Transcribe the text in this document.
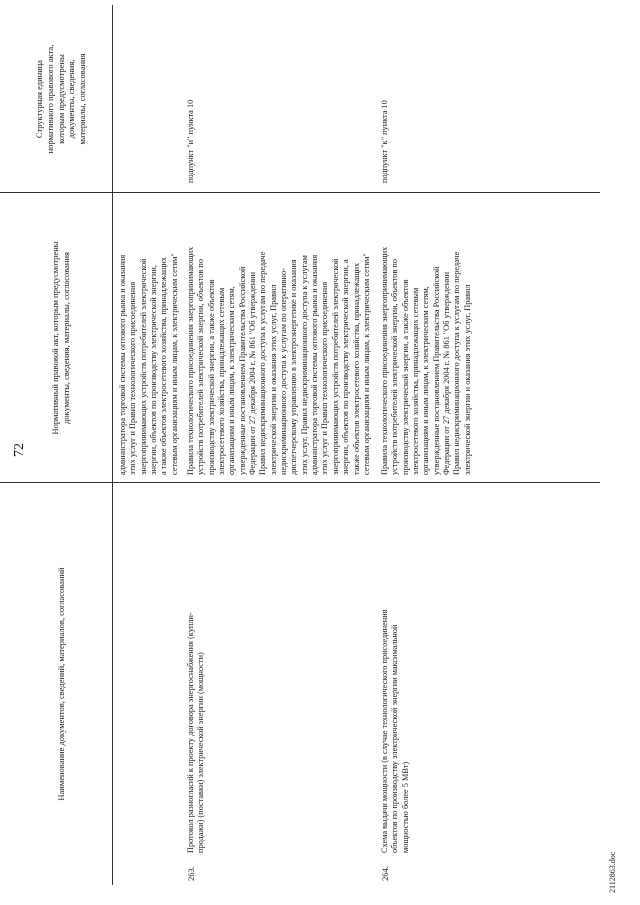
72
Наименование документов, сведений, материалов, согласований
Нормативный правовой акт, которым предусмотрены документы, сведения, материалы, согласования
Структурная единица нормативного правового акта, которым предусмотрены документы, сведения, материалы, согласования
администратора торговой системы оптового рынка и оказания этих услуг и Правил технологического присоединения энергопринимающих устройств потребителей электрической энергии, объектов по производству электрической энергии, а также объектов электросетевого хозяйства, принадлежащих сетевым организациям и иным лицам, к электрическим сетям"
263.
Протокол разногласий к проекту договора энергоснабжения (купли- продажи) (поставки) электрической энергии (мощности)
Правила технологического присоединения энергопринимающих устройств потребителей электрической энергии, объектов по производству электрической энергии, а также объектов электросетевого хозяйства, принадлежащих сетевым организациям и иным лицам, к электрическим сетям, утвержденные постановлением Правительства Российской Федерации от 27 декабря 2004 г. № 861 "Об утверждении Правил недискриминационного доступа к услугам по передаче электрической энергии и оказания этих услуг, Правил недискриминационного доступа к услугам по оперативно- диспетчерскому управлению в электроэнергетике и оказания этих услуг, Правил недискриминационного доступа к услугам администратора торговой системы оптового рынка и оказания этих услуг и Правил технологического присоединения энергопринимающих устройств потребителей электрической энергии, объектов по производству электрической энергии, а также объектов электросетевого хозяйства, принадлежащих сетевым организациям и иным лицам, к электрическим сетям"
подпункт "и" пункта 10
264.
Схема выдачи мощности (в случае технологического присоединения объектов по производству электрической энергии максимальной мощностью более 5 МВт)
Правила технологического присоединения энергопринимающих устройств потребителей электрической энергии, объектов по производству электрической энергии, а также объектов электросетевого хозяйства, принадлежащих сетевым организациям и иным лицам, к электрическим сетям, утвержденные постановлением Правительства Российской Федерации от 27 декабря 2004 г. № 861 "Об утверждении Правил недискриминационного доступа к услугам по передаче электрической энергии и оказания этих услуг, Правил
подпункт "к" пункта 10
2112863.doc
